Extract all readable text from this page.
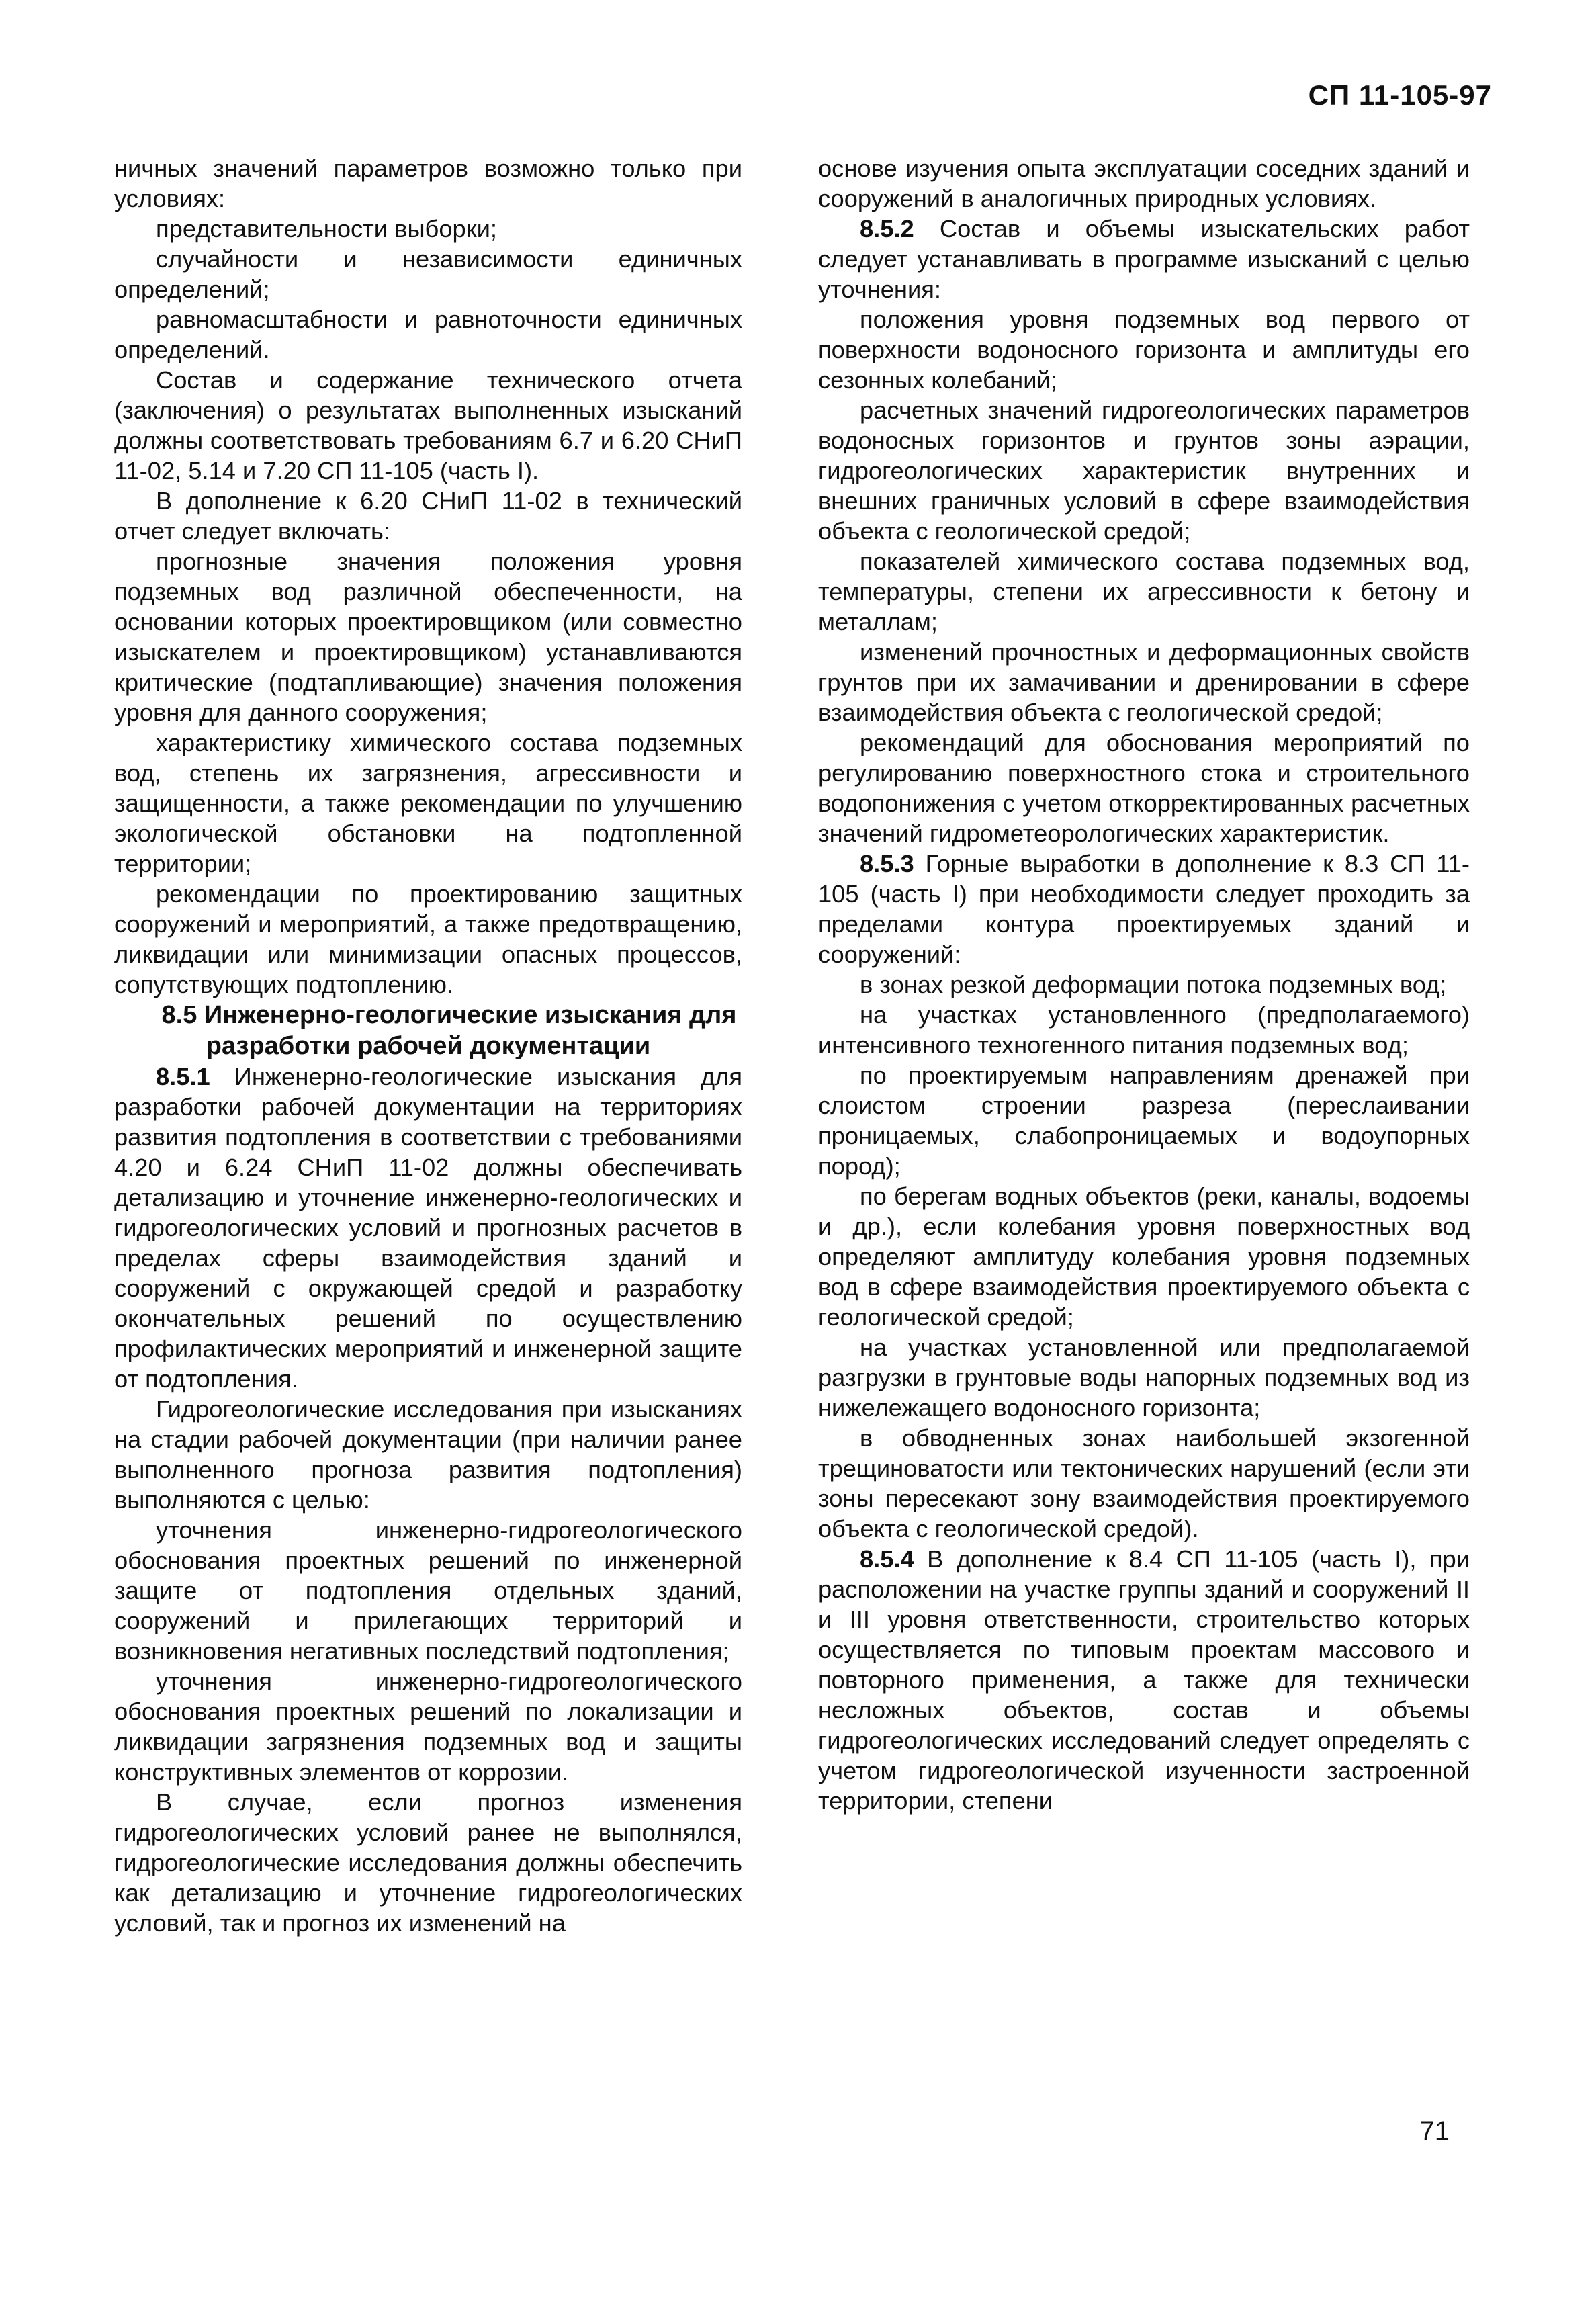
СП 11-105-97

ничных значений параметров возможно только при условиях:

представительности выборки;

случайности и независимости единичных определений;

равномасштабности и равноточности единичных определений.

Состав и содержание технического отчета (заключения) о результатах выполненных изысканий должны соответствовать требованиям 6.7 и 6.20 СНиП 11-02, 5.14 и 7.20 СП 11-105 (часть I).

В дополнение к 6.20 СНиП 11-02 в технический отчет следует включать:

прогнозные значения положения уровня подземных вод различной обеспеченности, на основании которых проектировщиком (или совместно изыскателем и проектировщиком) устанавливаются критические (подтапливающие) значения положения уровня для данного сооружения;

характеристику химического состава подземных вод, степень их загрязнения, агрессивности и защищенности, а также рекомендации по улучшению экологической обстановки на подтопленной территории;

рекомендации по проектированию защитных сооружений и мероприятий, а также предотвращению, ликвидации или минимизации опасных процессов, сопутствующих подтоплению.

8.5 Инженерно-геологические изыскания для разработки рабочей документации

8.5.1 Инженерно-геологические изыскания для разработки рабочей документации на территориях развития подтопления в соответствии с требованиями 4.20 и 6.24 СНиП 11-02 должны обеспечивать детализацию и уточнение инженерно-геологических и гидрогеологических условий и прогнозных расчетов в пределах сферы взаимодействия зданий и сооружений с окружающей средой и разработку окончательных решений по осуществлению профилактических мероприятий и инженерной защите от подтопления.

Гидрогеологические исследования при изысканиях на стадии рабочей документации (при наличии ранее выполненного прогноза развития подтопления) выполняются с целью:

уточнения инженерно-гидрогеологического обоснования проектных решений по инженерной защите от подтопления отдельных зданий, сооружений и прилегающих территорий и возникновения негативных последствий подтопления;

уточнения инженерно-гидрогеологического обоснования проектных решений по локализации и ликвидации загрязнения подземных вод и защиты конструктивных элементов от коррозии.

В случае, если прогноз изменения гидрогеологических условий ранее не выполнялся, гидрогеологические исследования должны обеспечить как детализацию и уточнение гидрогеологических условий, так и прогноз их изменений на

основе изучения опыта эксплуатации соседних зданий и сооружений в аналогичных природных условиях.

8.5.2 Состав и объемы изыскательских работ следует устанавливать в программе изысканий с целью уточнения:

положения уровня подземных вод первого от поверхности водоносного горизонта и амплитуды его сезонных колебаний;

расчетных значений гидрогеологических параметров водоносных горизонтов и грунтов зоны аэрации, гидрогеологических характеристик внутренних и внешних граничных условий в сфере взаимодействия объекта с геологической средой;

показателей химического состава подземных вод, температуры, степени их агрессивности к бетону и металлам;

изменений прочностных и деформационных свойств грунтов при их замачивании и дренировании в сфере взаимодействия объекта с геологической средой;

рекомендаций для обоснования мероприятий по регулированию поверхностного стока и строительного водопонижения с учетом откорректированных расчетных значений гидрометеорологических характеристик.

8.5.3 Горные выработки в дополнение к 8.3 СП 11-105 (часть I) при необходимости следует проходить за пределами контура проектируемых зданий и сооружений:

в зонах резкой деформации потока подземных вод;

на участках установленного (предполагаемого) интенсивного техногенного питания подземных вод;

по проектируемым направлениям дренажей при слоистом строении разреза (переслаивании проницаемых, слабопроницаемых и водоупорных пород);

по берегам водных объектов (реки, каналы, водоемы и др.), если колебания уровня поверхностных вод определяют амплитуду колебания уровня подземных вод в сфере взаимодействия проектируемого объекта с геологической средой;

на участках установленной или предполагаемой разгрузки в грунтовые воды напорных подземных вод из нижележащего водоносного горизонта;

в обводненных зонах наибольшей экзогенной трещиноватости или тектонических нарушений (если эти зоны пересекают зону взаимодействия проектируемого объекта с геологической средой).

8.5.4 В дополнение к 8.4 СП 11-105 (часть I), при расположении на участке группы зданий и сооружений II и III уровня ответственности, строительство которых осуществляется по типовым проектам массового и повторного применения, а также для технически несложных объектов, состав и объемы гидрогеологических исследований следует определять с учетом гидрогеологической изученности застроенной территории, степени

71
